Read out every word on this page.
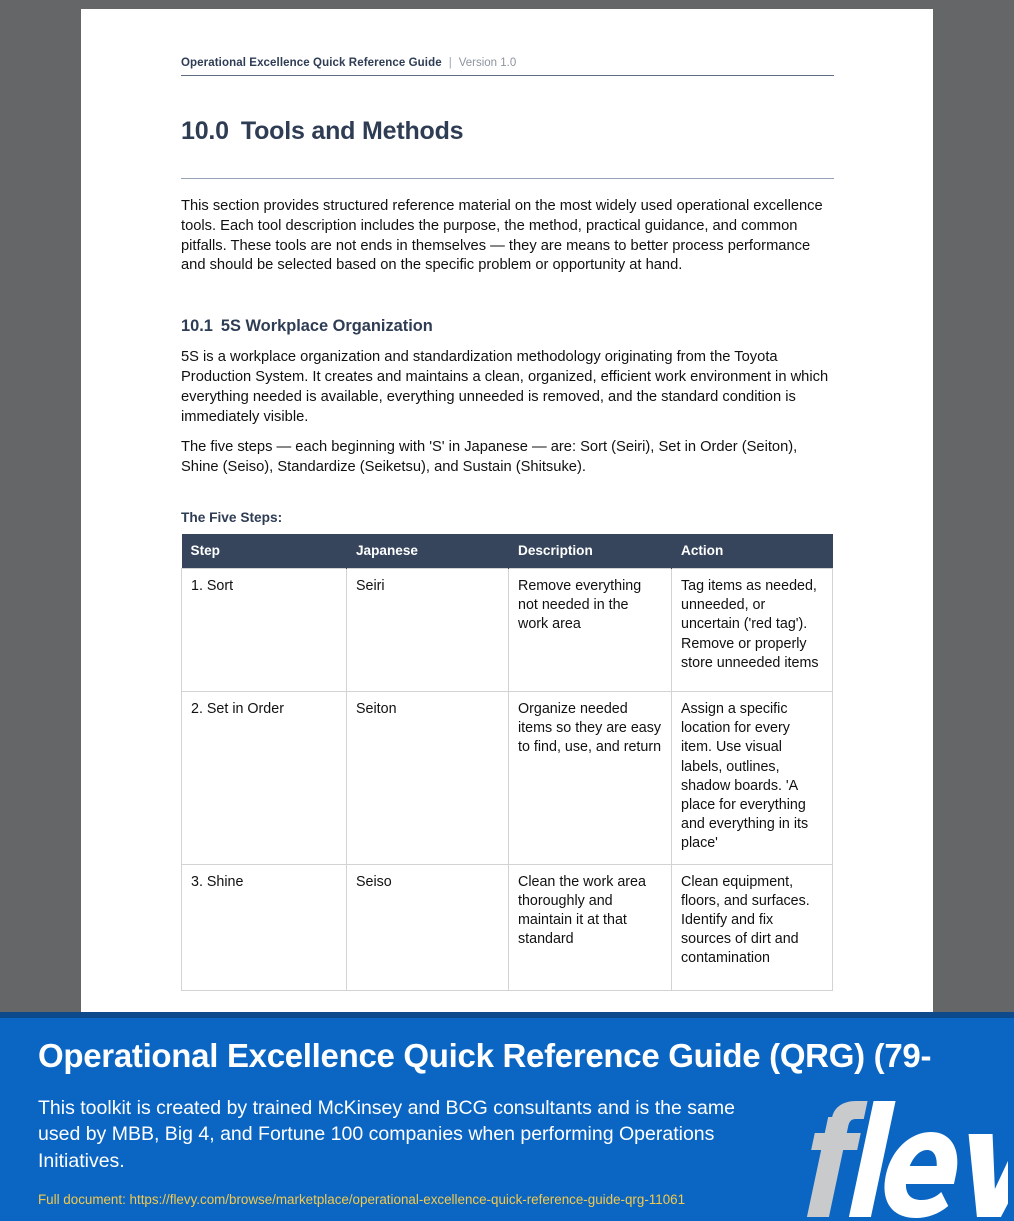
Operational Excellence Quick Reference Guide | Version 1.0
10.0 Tools and Methods

This section provides structured reference material on the most widely used operational excellence tools. Each tool description includes the purpose, the method, practical guidance, and common pitfalls. These tools are not ends in themselves — they are means to better process performance and should be selected based on the specific problem or opportunity at hand.

10.1 5S Workplace Organization

5S is a workplace organization and standardization methodology originating from the Toyota Production System. It creates and maintains a clean, organized, efficient work environment in which everything needed is available, everything unneeded is removed, and the standard condition is immediately visible.

The five steps — each beginning with 'S' in Japanese — are: Sort (Seiri), Set in Order (Seiton), Shine (Seiso), Standardize (Seiketsu), and Sustain (Shitsuke).

The Five Steps:
Step	Japanese	Description	Action
1. Sort	Seiri	Remove everything not needed in the work area	Tag items as needed, unneeded, or uncertain ('red tag'). Remove or properly store unneeded items
2. Set in Order	Seiton	Organize needed items so they are easy to find, use, and return	Assign a specific location for every item. Use visual labels, outlines, shadow boards. 'A place for everything and everything in its place'
3. Shine	Seiso	Clean the work area thoroughly and maintain it at that standard	Clean equipment, floors, and surfaces. Identify and fix sources of dirt and contamination
Operational Excellence Quick Reference Guide (QRG) (79-
This toolkit is created by trained McKinsey and BCG consultants and is the same used by MBB, Big 4, and Fortune 100 companies when performing Operations Initiatives.
Full document: https://flevy.com/browse/marketplace/operational-excellence-quick-reference-guide-qrg-11061
